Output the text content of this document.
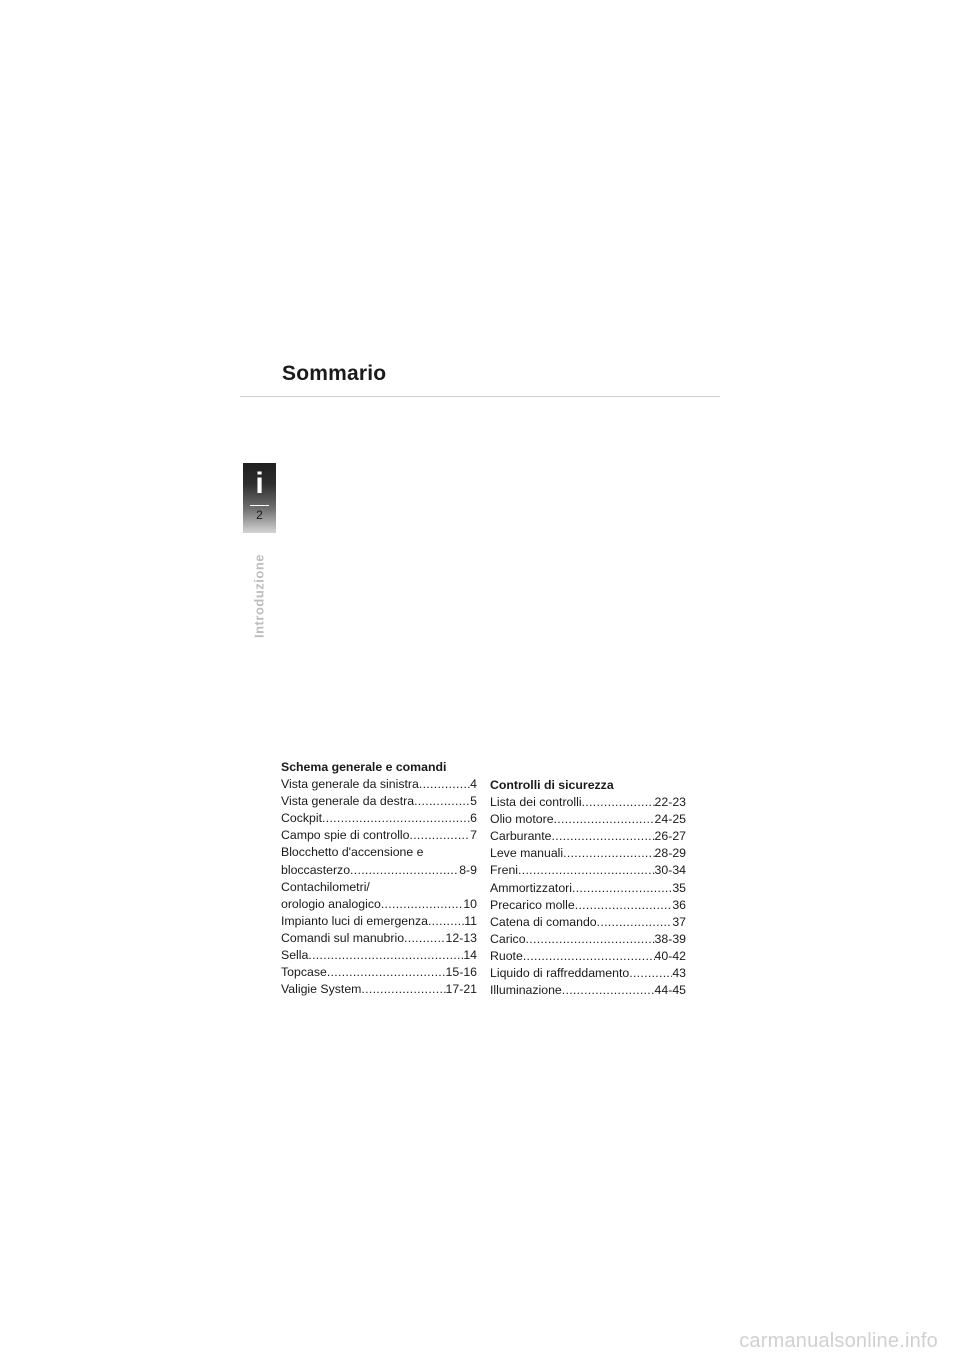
Sommario
i
2
Introduzione
Schema generale e comandi
Vista generale da sinistra .....	4
Vista generale da destra .....	5
Cockpit .....	6
Campo spie di controllo .....	7
Blocchetto d'accensione e
bloccasterzo .....	8-9
Contachilometri/
orologio analogico .....	10
Impianto luci di emergenza .....	11
Comandi sul manubrio .....	12-13
Sella .....	14
Topcase .....	15-16
Valigie System .....	17-21
Controlli di sicurezza
Lista dei controlli .....	22-23
Olio motore .....	24-25
Carburante .....	26-27
Leve manuali .....	28-29
Freni .....	30-34
Ammortizzatori .....	35
Precarico molle .....	36
Catena di comando .....	37
Carico .....	38-39
Ruote .....	40-42
Liquido di raffreddamento .....	43
Illuminazione .....	44-45
carmanualsonline.info
